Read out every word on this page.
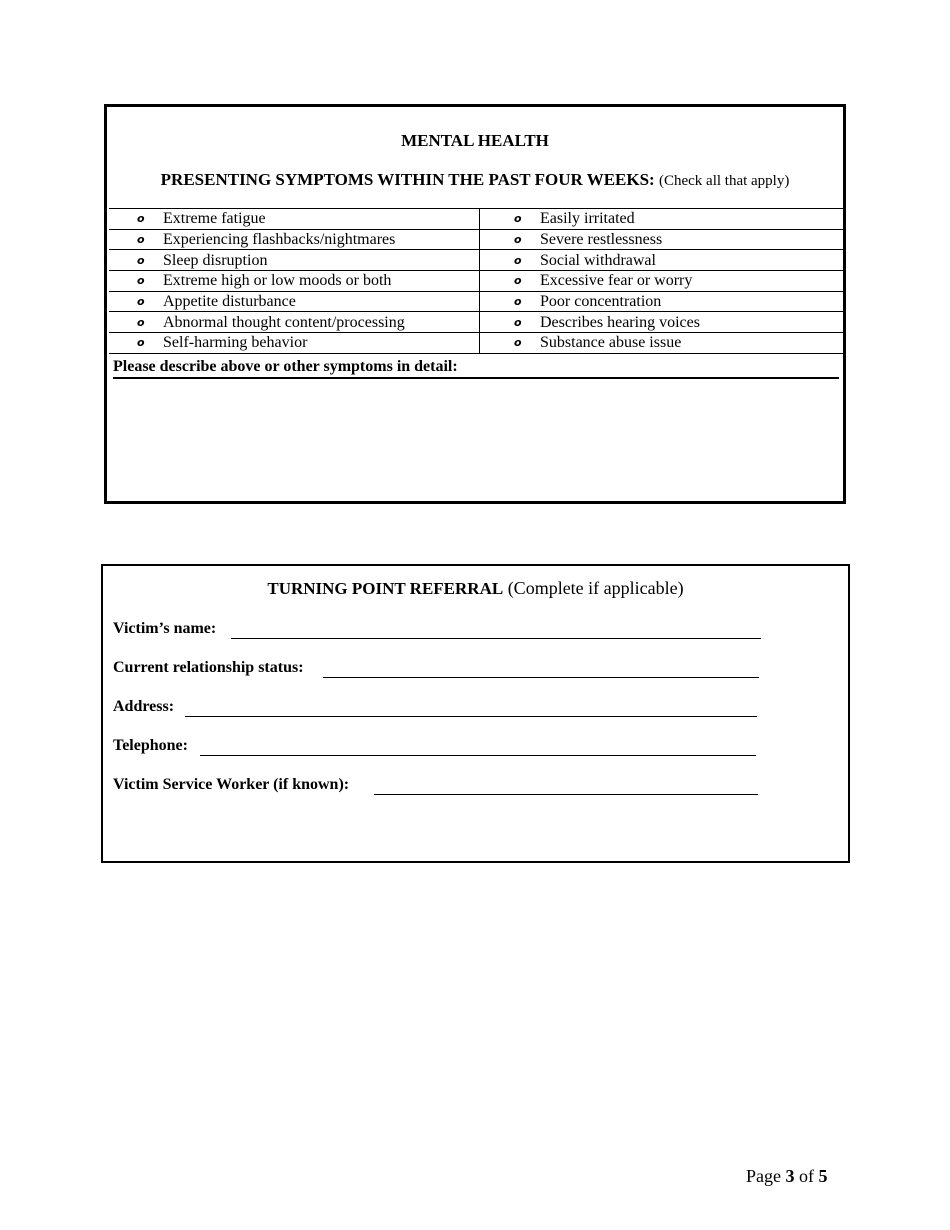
MENTAL HEALTH
PRESENTING SYMPTOMS WITHIN THE PAST FOUR WEEKS: (Check all that apply)
o Extreme fatigue	o Easily irritated
o Experiencing flashbacks/nightmares	o Severe restlessness
o Sleep disruption	o Social withdrawal
o Extreme high or low moods or both	o Excessive fear or worry
o Appetite disturbance	o Poor concentration
o Abnormal thought content/processing	o Describes hearing voices
o Self-harming behavior	o Substance abuse issue
Please describe above or other symptoms in detail:
TURNING POINT REFERRAL (Complete if applicable)
Victim’s name:
Current relationship status:
Address:
Telephone:
Victim Service Worker (if known):
Page 3 of 5
